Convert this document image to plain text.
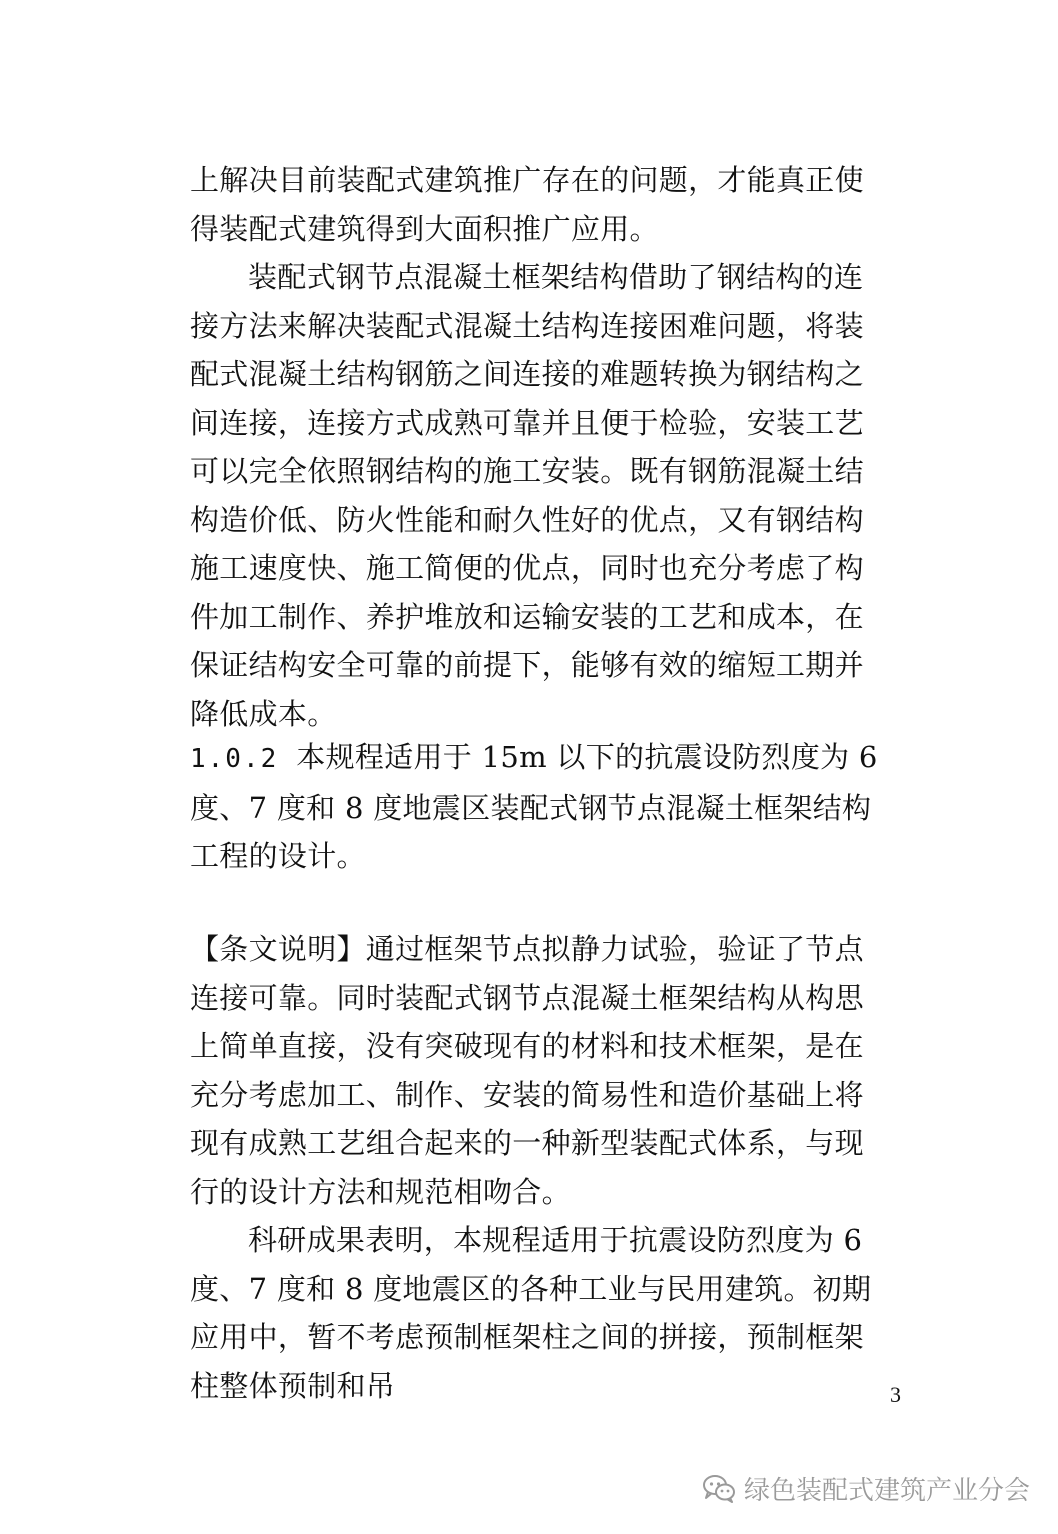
上解决目前装配式建筑推广存在的问题，才能真正使得装配式建筑得到大面积推广应用。

装配式钢节点混凝土框架结构借助了钢结构的连接方法来解决装配式混凝土结构连接困难问题，将装配式混凝土结构钢筋之间连接的难题转换为钢结构之间连接，连接方式成熟可靠并且便于检验，安装工艺可以完全依照钢结构的施工安装。既有钢筋混凝土结构造价低、防火性能和耐久性好的优点，又有钢结构施工速度快、施工简便的优点，同时也充分考虑了构件加工制作、养护堆放和运输安装的工艺和成本，在保证结构安全可靠的前提下，能够有效的缩短工期并降低成本。

1.0.2 本规程适用于 15m 以下的抗震设防烈度为 6 度、7 度和 8 度地震区装配式钢节点混凝土框架结构工程的设计。

【条文说明】通过框架节点拟静力试验，验证了节点连接可靠。同时装配式钢节点混凝土框架结构从构思上简单直接，没有突破现有的材料和技术框架，是在充分考虑加工、制作、安装的简易性和造价基础上将现有成熟工艺组合起来的一种新型装配式体系，与现行的设计方法和规范相吻合。

科研成果表明，本规程适用于抗震设防烈度为 6 度、7 度和 8 度地震区的各种工业与民用建筑。初期应用中，暂不考虑预制框架柱之间的拼接，预制框架柱整体预制和吊	3
绿色装配式建筑产业分会
